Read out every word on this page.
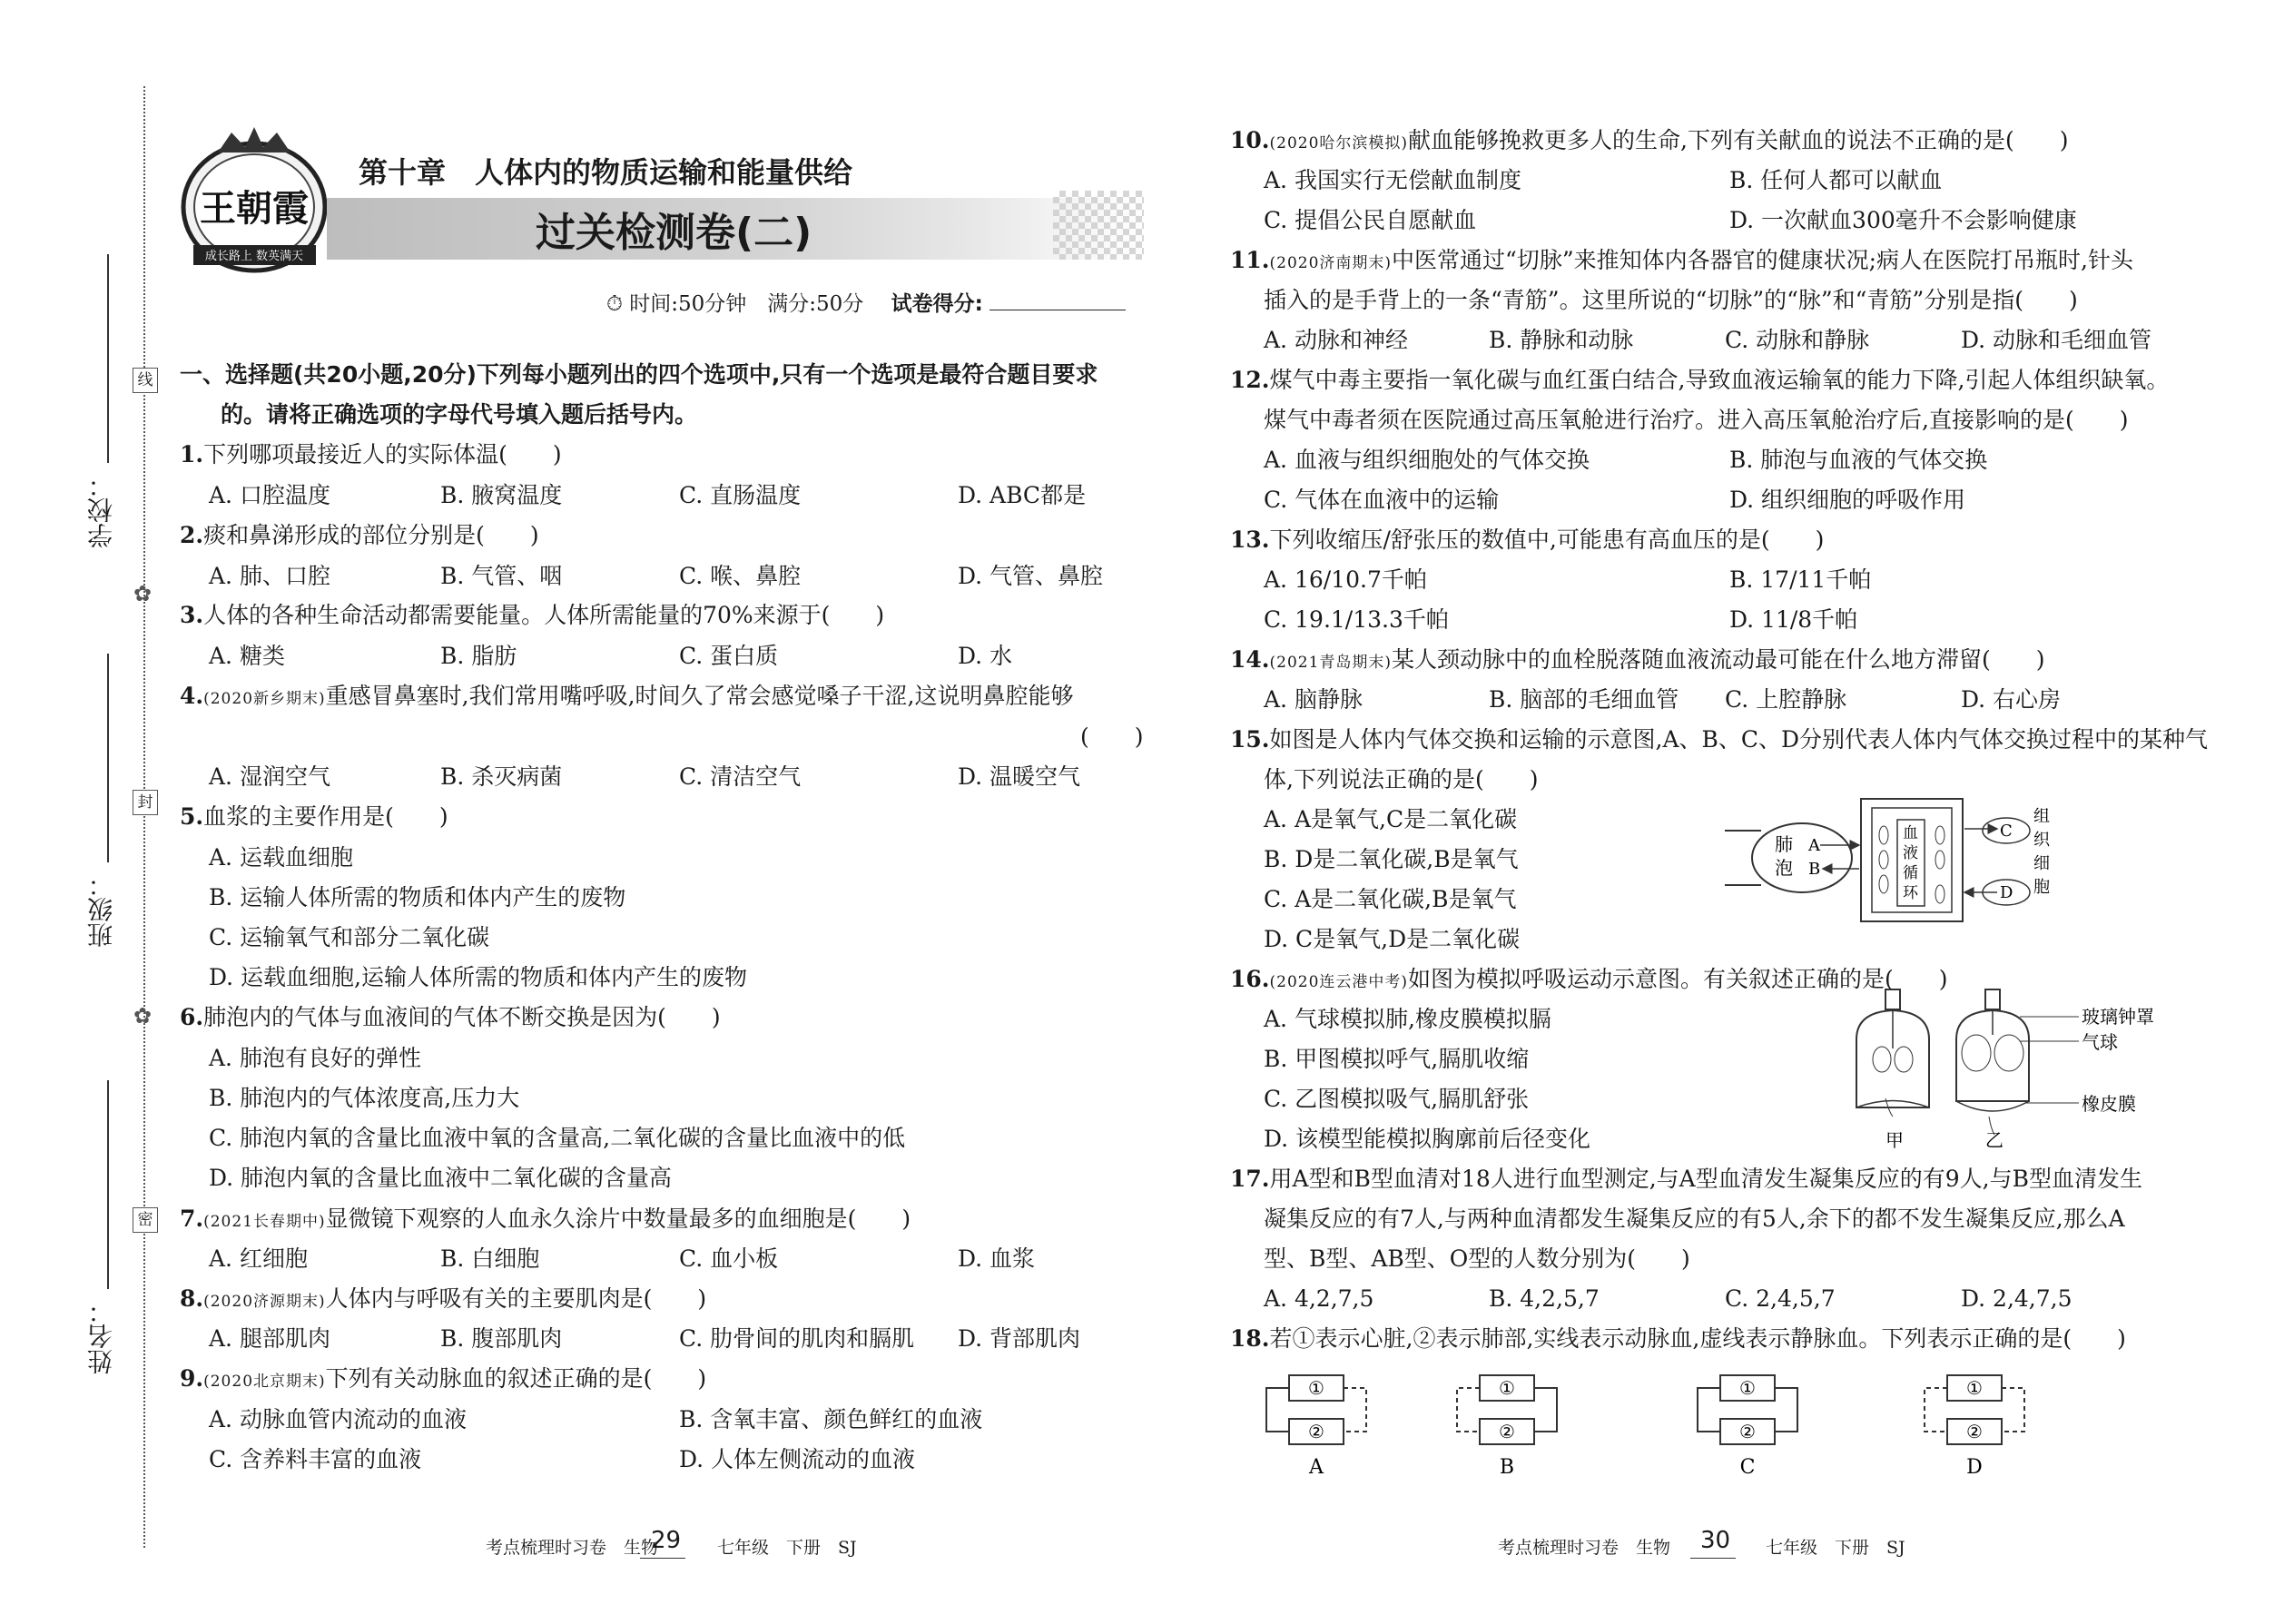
学校：
班级：
姓名：
线
封
密
✿
✿
王朝霞
成长路上 数英满天
第十章　人体内的物质运输和能量供给
过关检测卷(二)
⏱ 时间:50分钟　满分:50分　 试卷得分:
一、选择题(共20小题,20分)下列每小题列出的四个选项中,只有一个选项是最符合题目要求
的。请将正确选项的字母代号填入题后括号内。
1.下列哪项最接近人的实际体温(　　)
A. 口腔温度	B. 腋窝温度	C. 直肠温度	D. ABC都是
2.痰和鼻涕形成的部位分别是(　　)
A. 肺、口腔	B. 气管、咽	C. 喉、鼻腔	D. 气管、鼻腔
3.人体的各种生命活动都需要能量。人体所需能量的70%来源于(　　)
A. 糖类	B. 脂肪	C. 蛋白质	D. 水
4.(2020新乡期末)重感冒鼻塞时,我们常用嘴呼吸,时间久了常会感觉嗓子干涩,这说明鼻腔能够
(　　)
A. 湿润空气	B. 杀灭病菌	C. 清洁空气	D. 温暖空气
5.血浆的主要作用是(　　)
A. 运载血细胞
B. 运输人体所需的物质和体内产生的废物
C. 运输氧气和部分二氧化碳
D. 运载血细胞,运输人体所需的物质和体内产生的废物
6.肺泡内的气体与血液间的气体不断交换是因为(　　)
A. 肺泡有良好的弹性
B. 肺泡内的气体浓度高,压力大
C. 肺泡内氧的含量比血液中氧的含量高,二氧化碳的含量比血液中的低
D. 肺泡内氧的含量比血液中二氧化碳的含量高
7.(2021长春期中)显微镜下观察的人血永久涂片中数量最多的血细胞是(　　)
A. 红细胞	B. 白细胞	C. 血小板	D. 血浆
8.(2020济源期末)人体内与呼吸有关的主要肌肉是(　　)
A. 腿部肌肉	B. 腹部肌肉	C. 肋骨间的肌肉和膈肌 D. 背部肌肉
9.(2020北京期末)下列有关动脉血的叙述正确的是(　　)
A. 动脉血管内流动的血液	B. 含氧丰富、颜色鲜红的血液
C. 含养料丰富的血液	D. 人体左侧流动的血液
10.(2020哈尔滨模拟)献血能够挽救更多人的生命,下列有关献血的说法不正确的是(　　)
A. 我国实行无偿献血制度	B. 任何人都可以献血
C. 提倡公民自愿献血	D. 一次献血300毫升不会影响健康
11.(2020济南期末)中医常通过“切脉”来推知体内各器官的健康状况;病人在医院打吊瓶时,针头
插入的是手背上的一条“青筋”。这里所说的“切脉”的“脉”和“青筋”分别是指(　　)
A. 动脉和神经	B. 静脉和动脉	C. 动脉和静脉	D. 动脉和毛细血管
12.煤气中毒主要指一氧化碳与血红蛋白结合,导致血液运输氧的能力下降,引起人体组织缺氧。
煤气中毒者须在医院通过高压氧舱进行治疗。进入高压氧舱治疗后,直接影响的是(　　)
A. 血液与组织细胞处的气体交换	B. 肺泡与血液的气体交换
C. 气体在血液中的运输	D. 组织细胞的呼吸作用
13.下列收缩压/舒张压的数值中,可能患有高血压的是(　　)
A. 16/10.7千帕	B. 17/11千帕
C. 19.1/13.3千帕	D. 11/8千帕
14.(2021青岛期末)某人颈动脉中的血栓脱落随血液流动最可能在什么地方滞留(　　)
A. 脑静脉	B. 脑部的毛细血管 C. 上腔静脉	D. 右心房
15.如图是人体内气体交换和运输的示意图,A、B、C、D分别代表人体内气体交换过程中的某种气
体,下列说法正确的是(　　)
A. A是氧气,C是二氧化碳
B. D是二氧化碳,B是氧气
C. A是二氧化碳,B是氧气
D. C是氧气,D是二氧化碳
16.(2020连云港中考)如图为模拟呼吸运动示意图。有关叙述正确的是(　　)
A. 气球模拟肺,橡皮膜模拟膈
B. 甲图模拟呼气,膈肌收缩
C. 乙图模拟吸气,膈肌舒张
D. 该模型能模拟胸廓前后径变化
17.用A型和B型血清对18人进行血型测定,与A型血清发生凝集反应的有9人,与B型血清发生
凝集反应的有7人,与两种血清都发生凝集反应的有5人,余下的都不发生凝集反应,那么A
型、B型、AB型、O型的人数分别为(　　)
A. 4,2,7,5	B. 4,2,5,7	C. 2,4,5,7	D. 2,4,7,5
18.若①表示心脏,②表示肺部,实线表示动脉血,虚线表示静脉血。下列表示正确的是(　　)
肺
泡
A
B
血
液
循
环
C
D
组
织
细
胞
甲	乙
玻璃钟罩
气球
橡皮膜
①
②
A
①
②
B
①
②
C
①
②
D
考点梳理时习卷　生物
29 七年级　下册　SJ	考点梳理时习卷　生物 30 七年级　下册　SJ
